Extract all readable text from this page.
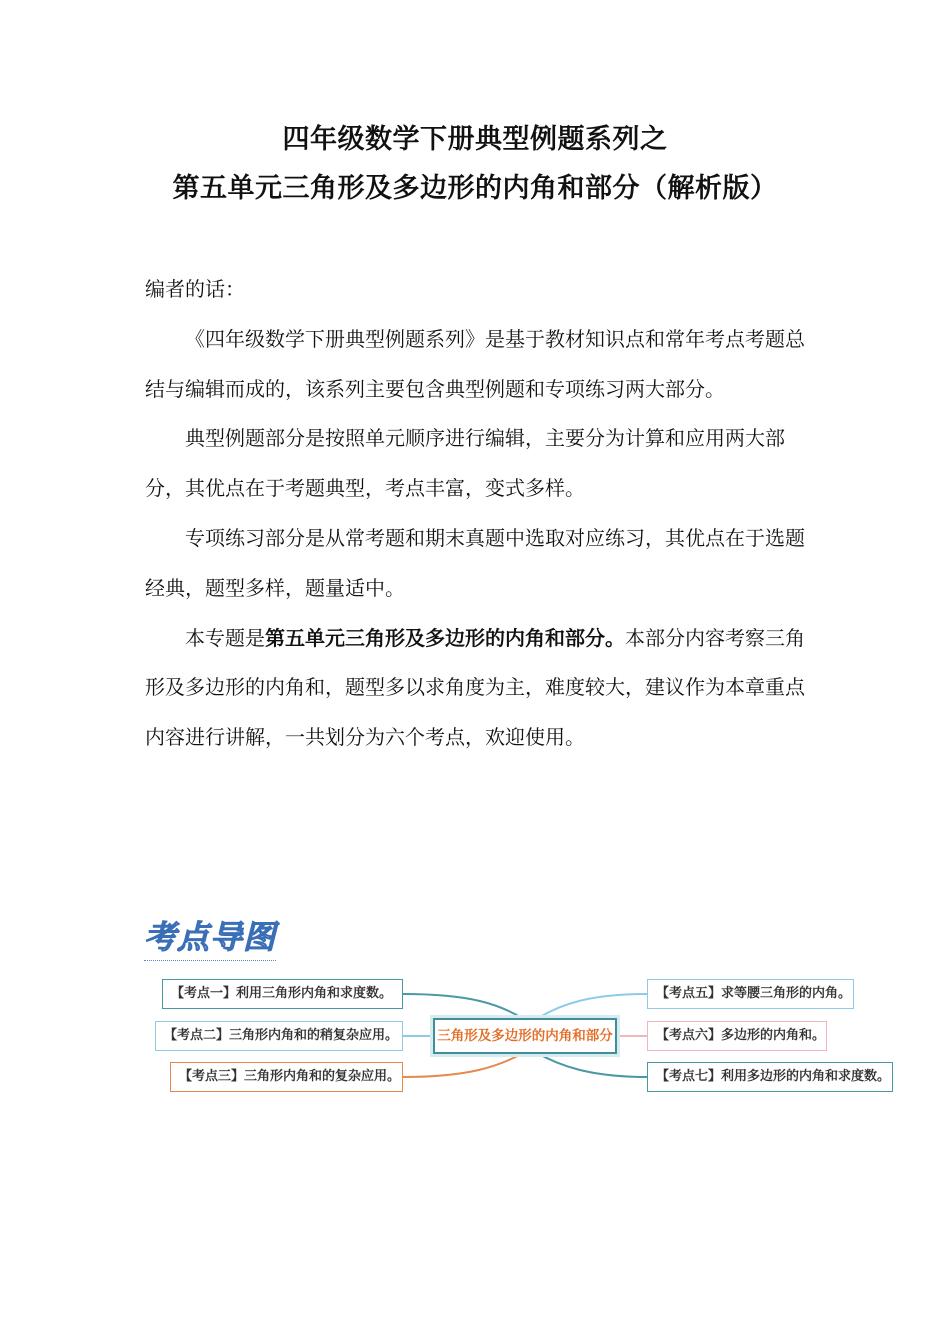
四年级数学下册典型例题系列之
第五单元三角形及多边形的内角和部分（解析版）

编者的话：

《四年级数学下册典型例题系列》是基于教材知识点和常年考点考题总结与编辑而成的，该系列主要包含典型例题和专项练习两大部分。

典型例题部分是按照单元顺序进行编辑，主要分为计算和应用两大部分，其优点在于考题典型，考点丰富，变式多样。

专项练习部分是从常考题和期末真题中选取对应练习，其优点在于选题经典，题型多样，题量适中。

本专题是第五单元三角形及多边形的内角和部分。本部分内容考察三角形及多边形的内角和，题型多以求角度为主，难度较大，建议作为本章重点内容进行讲解，一共划分为六个考点，欢迎使用。

考点导图
【考点一】利用三角形内角和求度数。
【考点二】三角形内角和的稍复杂应用。
【考点三】三角形内角和的复杂应用。
三角形及多边形的内角和部分
【考点五】求等腰三角形的内角。
【考点六】多边形的内角和。
【考点七】利用多边形的内角和求度数。
